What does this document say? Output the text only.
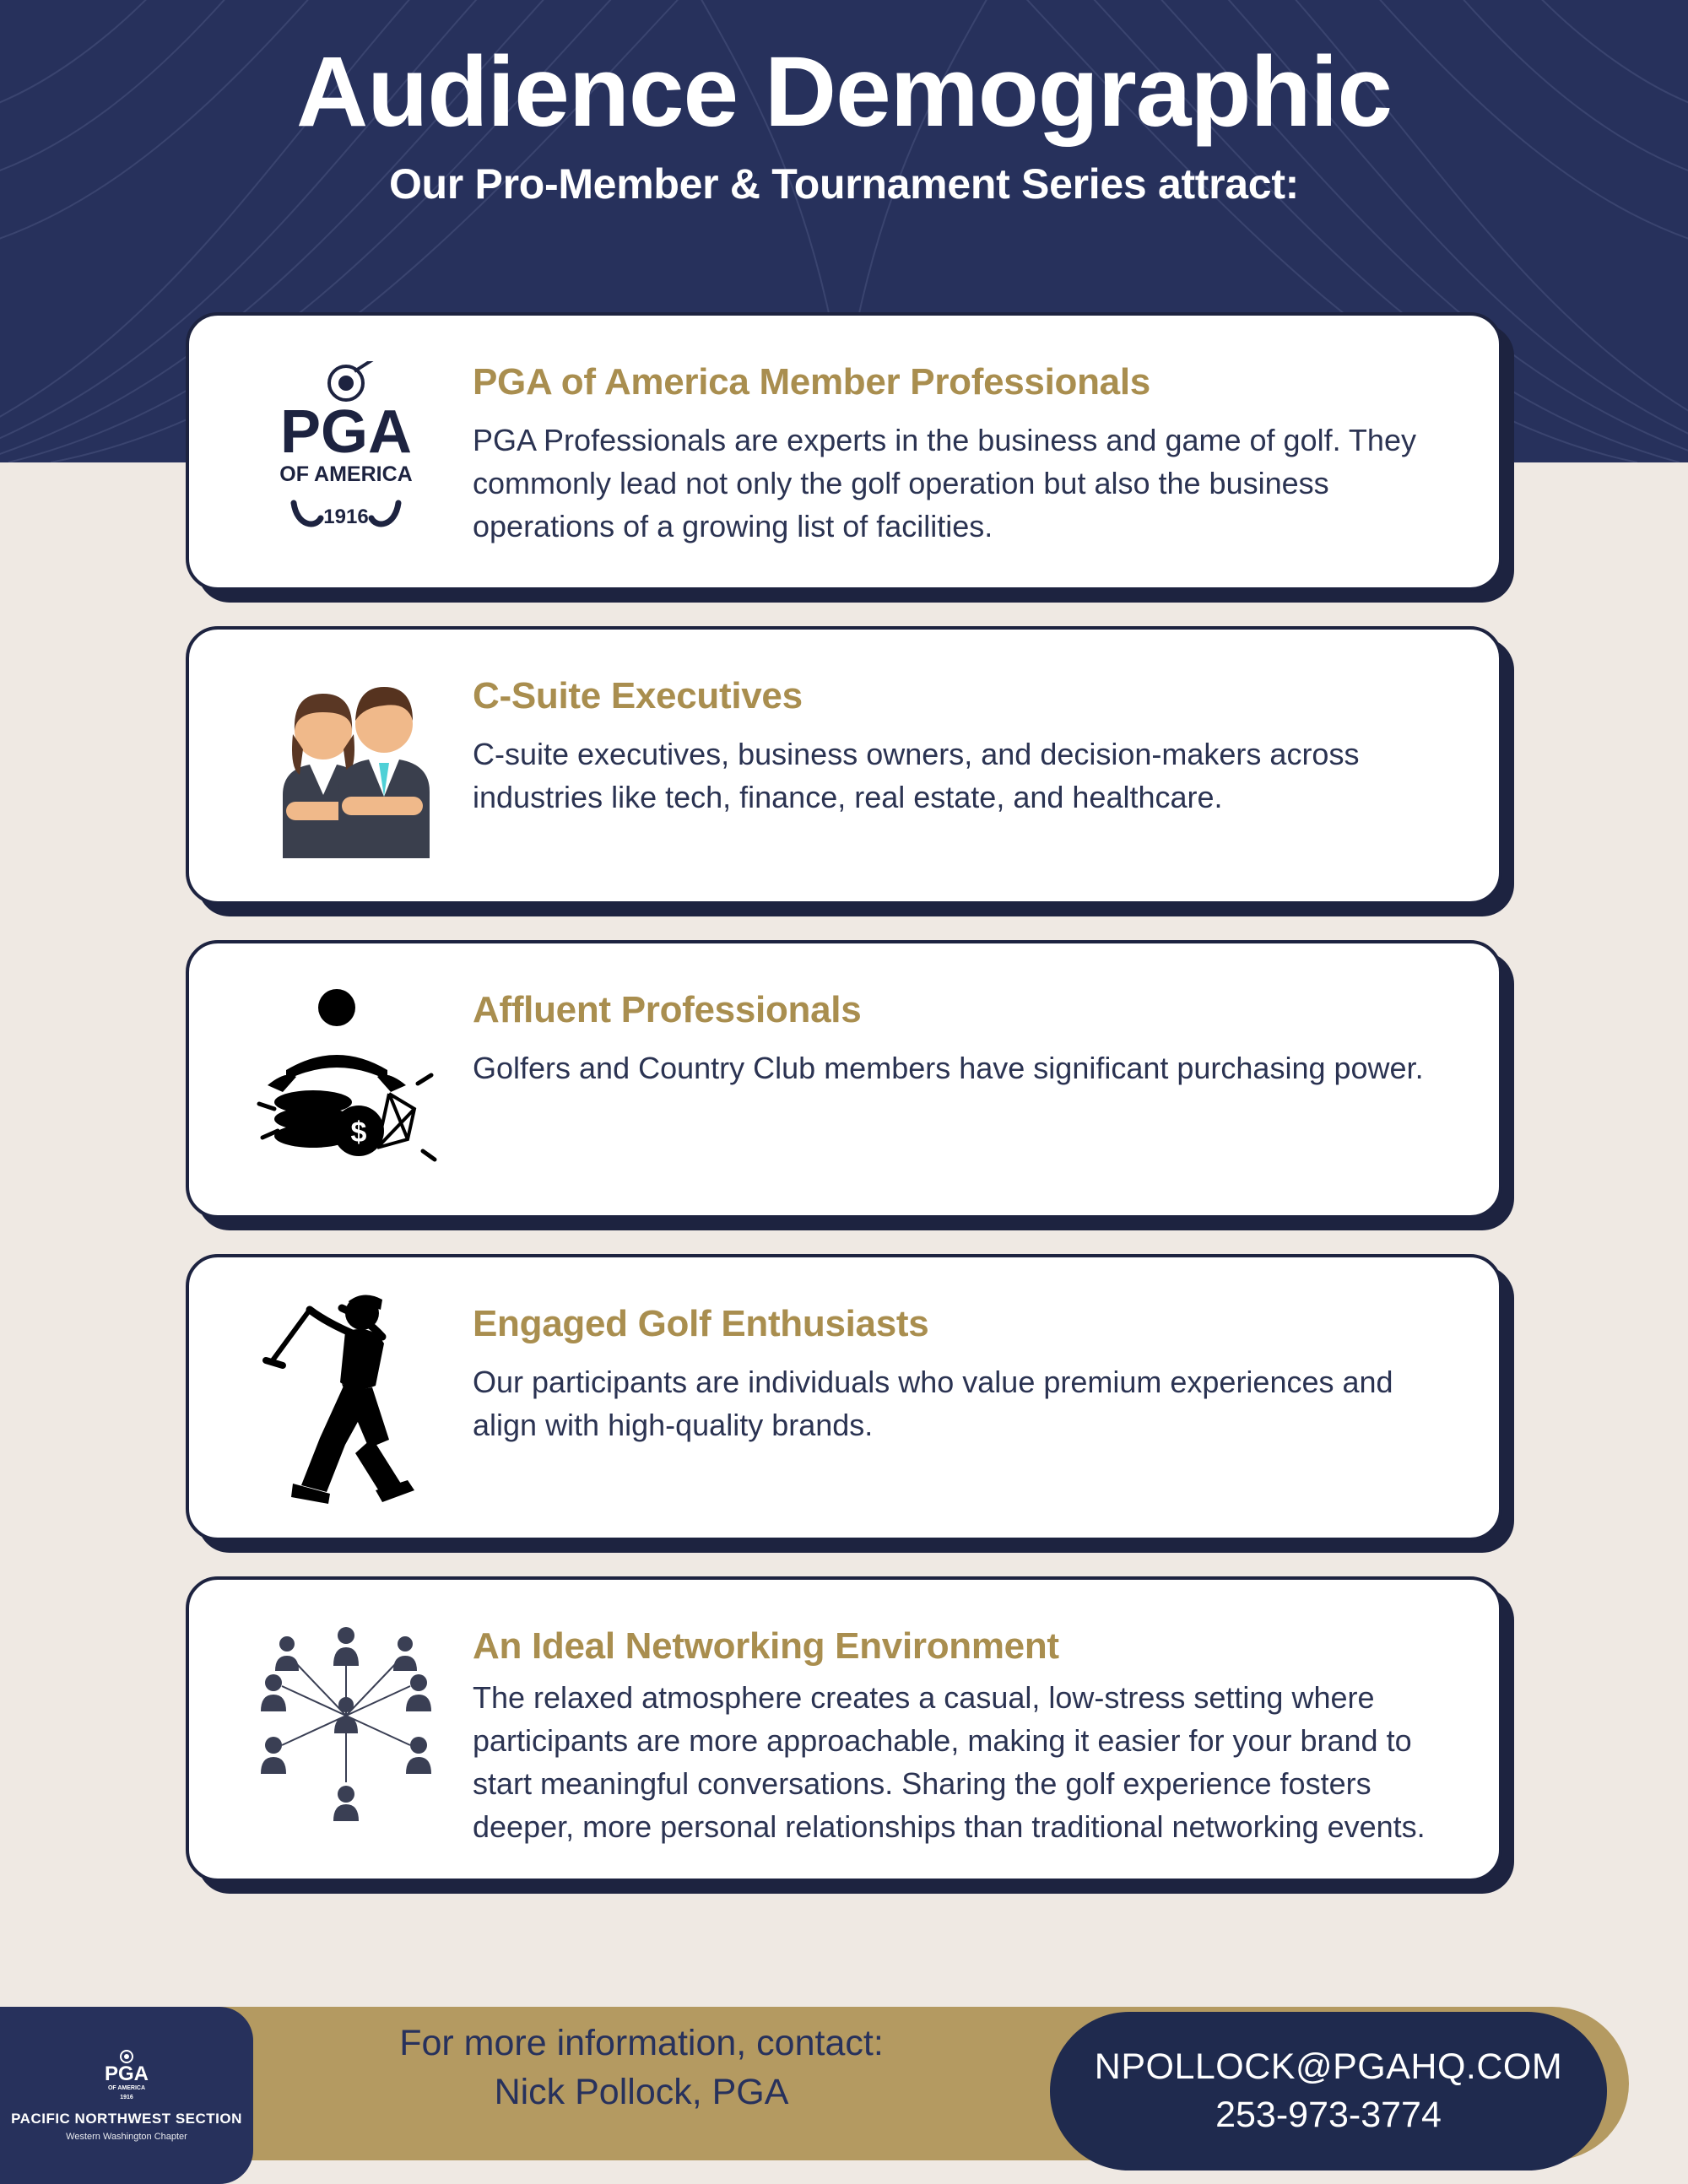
Audience Demographic
Our Pro-Member & Tournament Series attract:
PGA
OF AMERICA
1916
PGA of America Member Professionals
PGA Professionals are experts in the business and game of golf. They commonly lead not only the golf operation but also the business operations of a growing list of facilities.
C-Suite Executives
C-suite executives, business owners, and decision-makers across industries like tech, finance, real estate, and healthcare.
$
Affluent Professionals
Golfers and Country Club members have significant purchasing power.
Engaged Golf Enthusiasts
Our participants are individuals who value premium experiences and align with high-quality brands.
An Ideal Networking Environment
The relaxed atmosphere creates a casual, low-stress setting where participants are more approachable, making it easier for your brand to start meaningful conversations. Sharing the golf experience fosters deeper, more personal relationships than traditional networking events.
PGA
OF AMERICA
1916
PACIFIC NORTHWEST SECTION
Western Washington Chapter
For more information, contact:
Nick Pollock, PGA
NPOLLOCK@PGAHQ.COM
253-973-3774
